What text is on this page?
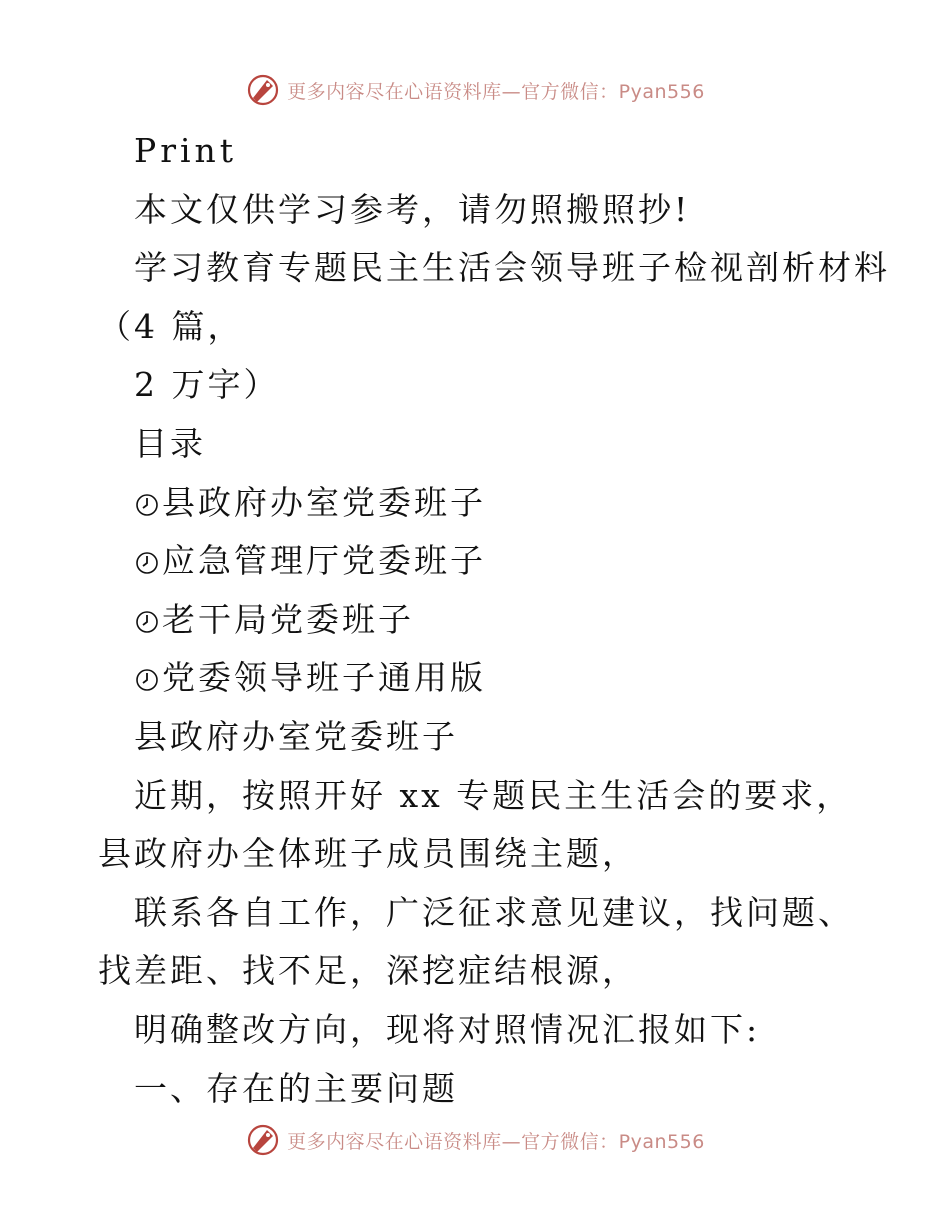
更多内容尽在心语资料库—官方微信：Pyan556
Print
本文仅供学习参考，请勿照搬照抄!
学习教育专题民主生活会领导班子检视剖析材料
（4 篇，
2 万字）
目录
县政府办室党委班子
应急管理厅党委班子
老干局党委班子
党委领导班子通用版
县政府办室党委班子
近期，按照开好 xx 专题民主生活会的要求，县政府办全体班子成员围绕主题，
联系各自工作，广泛征求意见建议，找问题、找差距、找不足，深挖症结根源，
明确整改方向，现将对照情况汇报如下:
一、存在的主要问题
更多内容尽在心语资料库—官方微信：Pyan556
